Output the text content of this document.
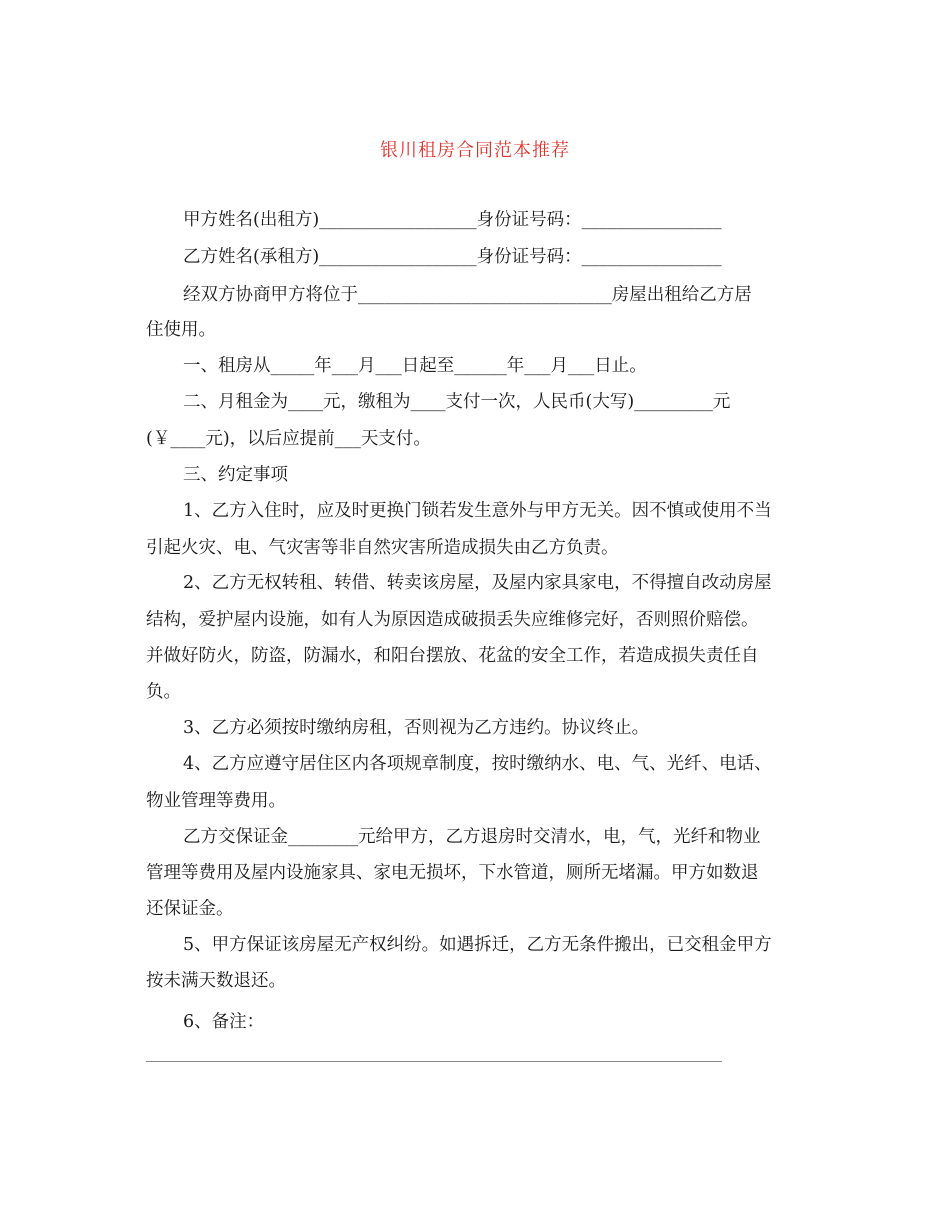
银川租房合同范本推荐
甲方姓名(出租方)__________________身份证号码：________________
乙方姓名(承租方)__________________身份证号码：________________
经双方协商甲方将位于_____________________________房屋出租给乙方居
住使用。
一、租房从_____年___月___日起至______年___月___日止。
二、月租金为____元，缴租为____支付一次，人民币(大写)_________元
(￥____元)，以后应提前___天支付。
三、约定事项
1、乙方入住时，应及时更换门锁若发生意外与甲方无关。因不慎或使用不当
引起火灾、电、气灾害等非自然灾害所造成损失由乙方负责。
2、乙方无权转租、转借、转卖该房屋，及屋内家具家电，不得擅自改动房屋
结构，爱护屋内设施，如有人为原因造成破损丢失应维修完好，否则照价赔偿。
并做好防火，防盗，防漏水，和阳台摆放、花盆的安全工作，若造成损失责任自
负。
3、乙方必须按时缴纳房租，否则视为乙方违约。协议终止。
4、乙方应遵守居住区内各项规章制度，按时缴纳水、电、气、光纤、电话、
物业管理等费用。
乙方交保证金________元给甲方，乙方退房时交清水，电，气，光纤和物业
管理等费用及屋内设施家具、家电无损坏，下水管道，厕所无堵漏。甲方如数退
还保证金。
5、甲方保证该房屋无产权纠纷。如遇拆迁，乙方无条件搬出，已交租金甲方
按未满天数退还。
6、备注：
